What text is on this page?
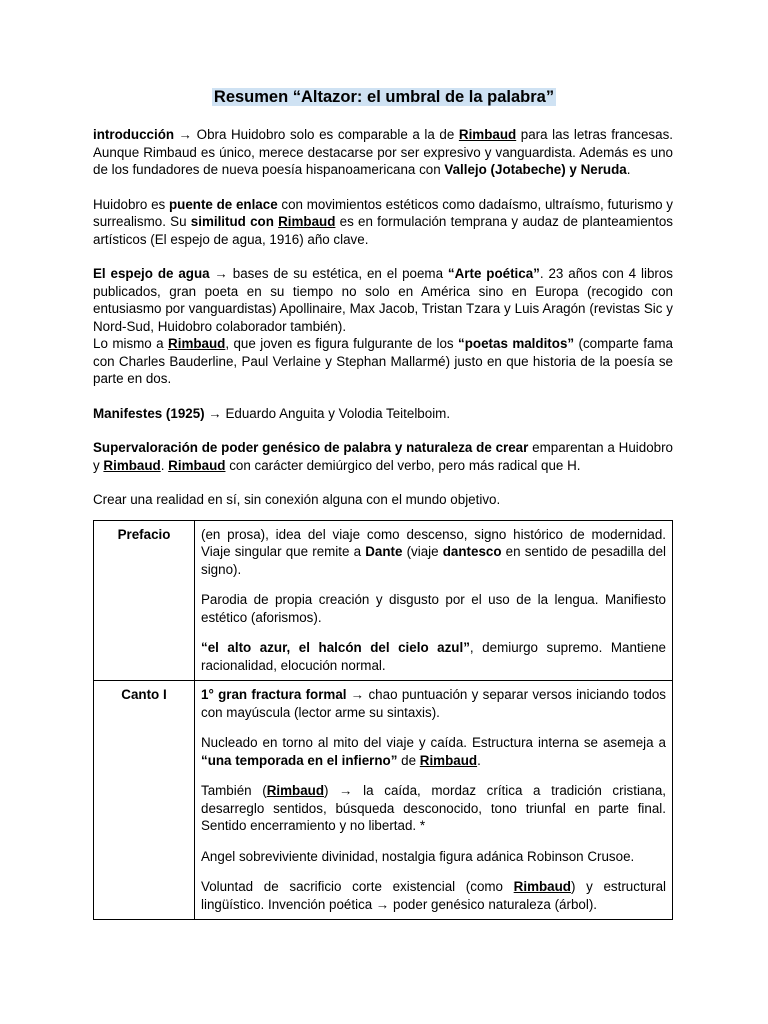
Resumen “Altazor: el umbral de la palabra”

introducción → Obra Huidobro solo es comparable a la de Rimbaud para las letras francesas. Aunque Rimbaud es único, merece destacarse por ser expresivo y vanguardista. Además es uno de los fundadores de nueva poesía hispanoamericana con Vallejo (Jotabeche) y Neruda.

Huidobro es puente de enlace con movimientos estéticos como dadaísmo, ultraísmo, futurismo y surrealismo. Su similitud con Rimbaud es en formulación temprana y audaz de planteamientos artísticos (El espejo de agua, 1916) año clave.

El espejo de agua → bases de su estética, en el poema “Arte poética”. 23 años con 4 libros publicados, gran poeta en su tiempo no solo en América sino en Europa (recogido con entusiasmo por vanguardistas) Apollinaire, Max Jacob, Tristan Tzara y Luis Aragón (revistas Sic y Nord-Sud, Huidobro colaborador también).

Lo mismo a Rimbaud, que joven es figura fulgurante de los “poetas malditos” (comparte fama con Charles Bauderline, Paul Verlaine y Stephan Mallarmé) justo en que historia de la poesía se parte en dos.

Manifestes (1925) → Eduardo Anguita y Volodia Teitelboim.

Supervaloración de poder genésico de palabra y naturaleza de crear emparentan a Huidobro y Rimbaud. Rimbaud con carácter demiúrgico del verbo, pero más radical que H.

Crear una realidad en sí, sin conexión alguna con el mundo objetivo.

Prefacio	(en prosa), idea del viaje como descenso, signo histórico de modernidad. Viaje singular que remite a Dante (viaje dantesco en sentido de pesadilla del signo).

Parodia de propia creación y disgusto por el uso de la lengua. Manifiesto estético (aforismos).

“el alto azur, el halcón del cielo azul”, demiurgo supremo. Mantiene racionalidad, elocución normal.

Canto I	1° gran fractura formal → chao puntuación y separar versos iniciando todos con mayúscula (lector arme su sintaxis).

Nucleado en torno al mito del viaje y caída. Estructura interna se asemeja a “una temporada en el infierno” de Rimbaud.

También (Rimbaud) → la caída, mordaz crítica a tradición cristiana, desarreglo sentidos, búsqueda desconocido, tono triunfal en parte final. Sentido encerramiento y no libertad. *

Angel sobreviviente divinidad, nostalgia figura adánica Robinson Crusoe.

Voluntad de sacrificio corte existencial (como Rimbaud) y estructural lingüístico. Invención poética → poder genésico naturaleza (árbol).
